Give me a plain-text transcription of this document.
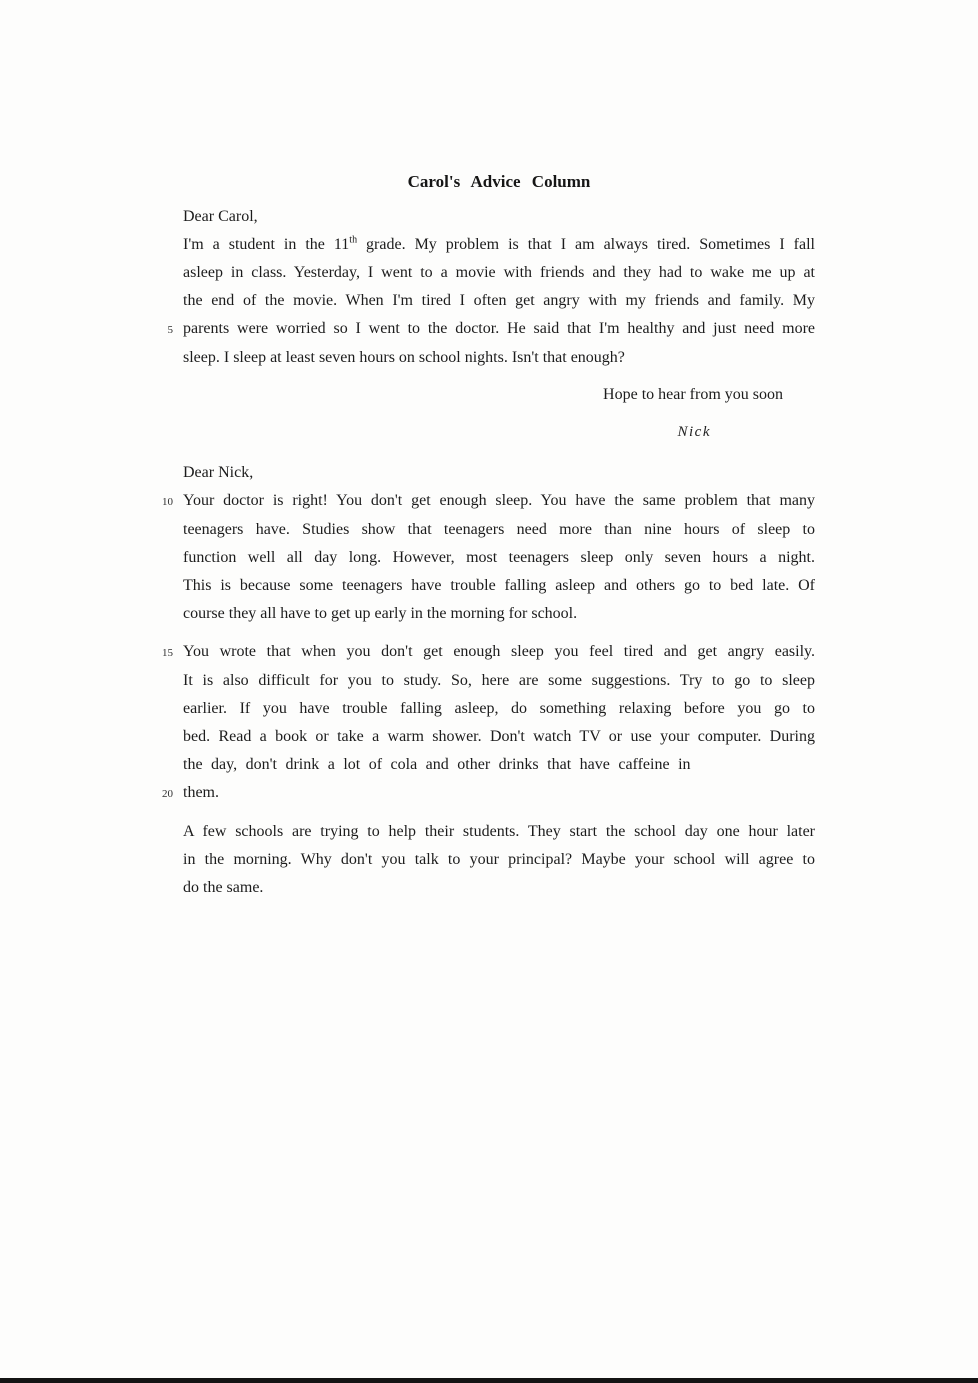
Carol's Advice Column
Dear Carol,
I'm a student in the 11th grade. My problem is that I am always tired. Sometimes I fall
asleep in class. Yesterday, I went to a movie with friends and they had to wake me up at
the end of the movie. When I'm tired I often get angry with my friends and family. My
5 parents were worried so I went to the doctor. He said that I'm healthy and just need more
sleep. I sleep at least seven hours on school nights. Isn't that enough?
Hope to hear from you soon
Nick
Dear Nick,
10 Your doctor is right! You don't get enough sleep. You have the same problem that many
teenagers have. Studies show that teenagers need more than nine hours of sleep to
function well all day long. However, most teenagers sleep only seven hours a night.
This is because some teenagers have trouble falling asleep and others go to bed late. Of
course they all have to get up early in the morning for school.
15 You wrote that when you don't get enough sleep you feel tired and get angry easily.
It is also difficult for you to study. So, here are some suggestions. Try to go to sleep
earlier. If you have trouble falling asleep, do something relaxing before you go to
bed. Read a book or take a warm shower. Don't watch TV or use your computer. During
the day, don't drink a lot of cola and other drinks that have caffeine in
20 them.
A few schools are trying to help their students. They start the school day one hour later
in the morning. Why don't you talk to your principal? Maybe your school will agree to
do the same.
